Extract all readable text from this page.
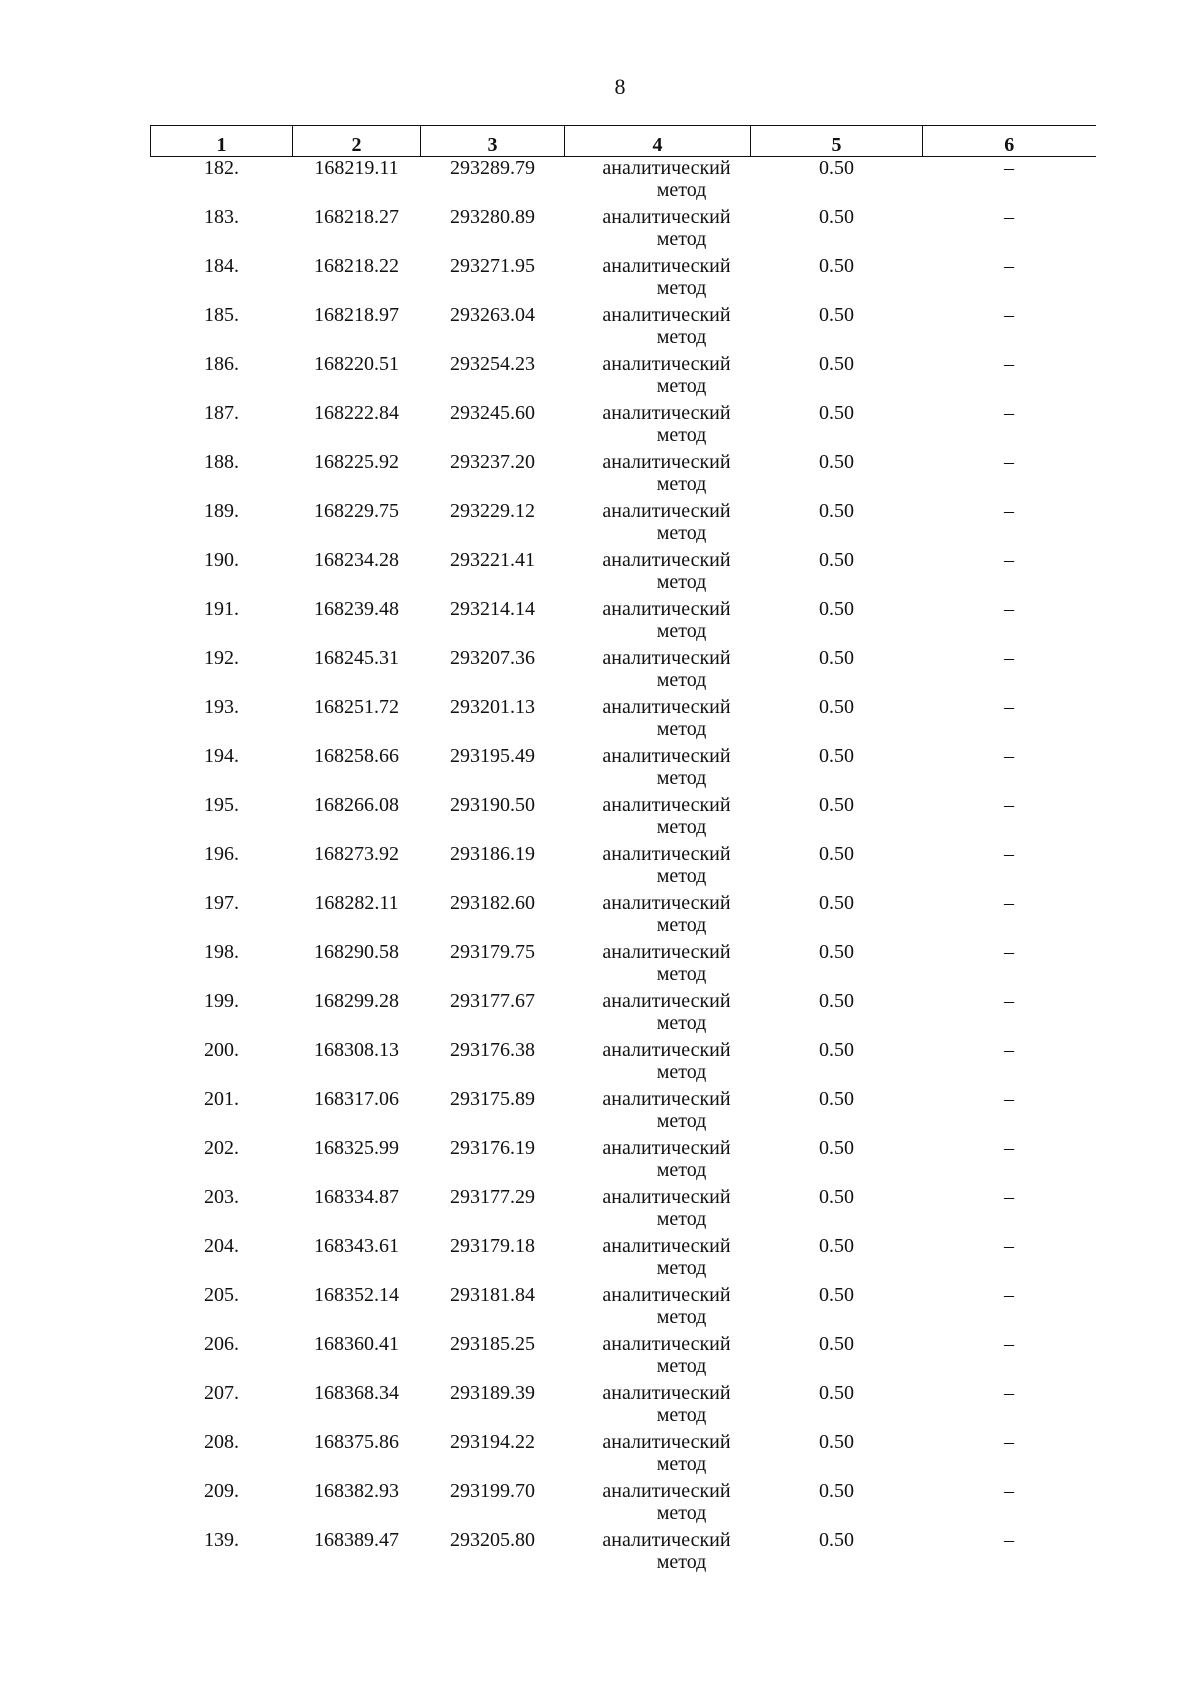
8
1	2	3	4	5	6
182.	168219.11	293289.79	аналитический
метод	0.50	–
183.	168218.27	293280.89	аналитический
метод	0.50	–
184.	168218.22	293271.95	аналитический
метод	0.50	–
185.	168218.97	293263.04	аналитический
метод	0.50	–
186.	168220.51	293254.23	аналитический
метод	0.50	–
187.	168222.84	293245.60	аналитический
метод	0.50	–
188.	168225.92	293237.20	аналитический
метод	0.50	–
189.	168229.75	293229.12	аналитический
метод	0.50	–
190.	168234.28	293221.41	аналитический
метод	0.50	–
191.	168239.48	293214.14	аналитический
метод	0.50	–
192.	168245.31	293207.36	аналитический
метод	0.50	–
193.	168251.72	293201.13	аналитический
метод	0.50	–
194.	168258.66	293195.49	аналитический
метод	0.50	–
195.	168266.08	293190.50	аналитический
метод	0.50	–
196.	168273.92	293186.19	аналитический
метод	0.50	–
197.	168282.11	293182.60	аналитический
метод	0.50	–
198.	168290.58	293179.75	аналитический
метод	0.50	–
199.	168299.28	293177.67	аналитический
метод	0.50	–
200.	168308.13	293176.38	аналитический
метод	0.50	–
201.	168317.06	293175.89	аналитический
метод	0.50	–
202.	168325.99	293176.19	аналитический
метод	0.50	–
203.	168334.87	293177.29	аналитический
метод	0.50	–
204.	168343.61	293179.18	аналитический
метод	0.50	–
205.	168352.14	293181.84	аналитический
метод	0.50	–
206.	168360.41	293185.25	аналитический
метод	0.50	–
207.	168368.34	293189.39	аналитический
метод	0.50	–
208.	168375.86	293194.22	аналитический
метод	0.50	–
209.	168382.93	293199.70	аналитический
метод	0.50	–
139.	168389.47	293205.80	аналитический
метод	0.50	–
